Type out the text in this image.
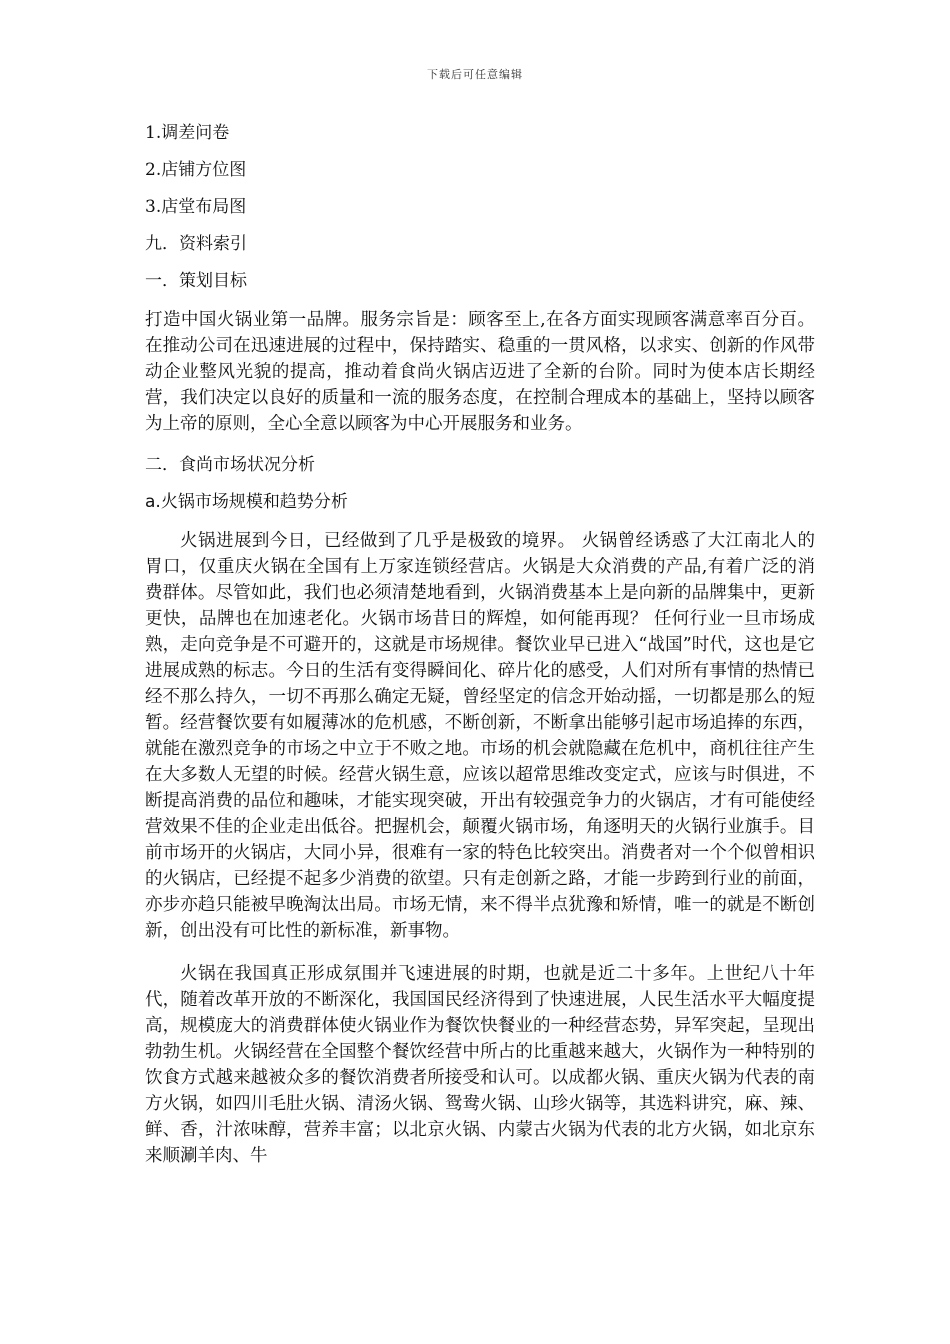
下载后可任意编辑
1.调差问卷
2.店铺方位图
3.店堂布局图
九．资料索引
一．策划目标

打造中国火锅业第一品牌。服务宗旨是：顾客至上,在各方面实现顾客满意率百分百。在推动公司在迅速进展的过程中，保持踏实、稳重的一贯风格，以求实、创新的作风带动企业整风光貌的提高，推动着食尚火锅店迈进了全新的台阶。同时为使本店长期经营，我们决定以良好的质量和一流的服务态度，在控制合理成本的基础上，坚持以顾客为上帝的原则，全心全意以顾客为中心开展服务和业务。

二．食尚市场状况分析
a.火锅市场规模和趋势分析

火锅进展到今日，已经做到了几乎是极致的境界。 火锅曾经诱惑了大江南北人的胃口，仅重庆火锅在全国有上万家连锁经营店。火锅是大众消费的产品,有着广泛的消费群体。尽管如此，我们也必须清楚地看到，火锅消费基本上是向新的品牌集中，更新更快，品牌也在加速老化。火锅市场昔日的辉煌，如何能再现？ 任何行业一旦市场成熟，走向竞争是不可避开的，这就是市场规律。餐饮业早已进入“战国”时代，这也是它进展成熟的标志。今日的生活有变得瞬间化、碎片化的感受，人们对所有事情的热情已经不那么持久，一切不再那么确定无疑，曾经坚定的信念开始动摇，一切都是那么的短暂。经营餐饮要有如履薄冰的危机感，不断创新，不断拿出能够引起市场追捧的东西，就能在激烈竞争的市场之中立于不败之地。市场的机会就隐藏在危机中，商机往往产生在大多数人无望的时候。经营火锅生意，应该以超常思维改变定式，应该与时俱进，不断提高消费的品位和趣味，才能实现突破，开出有较强竞争力的火锅店，才有可能使经营效果不佳的企业走出低谷。把握机会，颠覆火锅市场，角逐明天的火锅行业旗手。目前市场开的火锅店，大同小异，很难有一家的特色比较突出。消费者对一个个似曾相识的火锅店，已经提不起多少消费的欲望。只有走创新之路，才能一步跨到行业的前面，亦步亦趋只能被早晚淘汰出局。市场无情，来不得半点犹豫和矫情，唯一的就是不断创新，创出没有可比性的新标准，新事物。

火锅在我国真正形成氛围并飞速进展的时期，也就是近二十多年。上世纪八十年代，随着改革开放的不断深化，我国国民经济得到了快速进展，人民生活水平大幅度提高，规模庞大的消费群体使火锅业作为餐饮快餐业的一种经营态势，异军突起，呈现出勃勃生机。火锅经营在全国整个餐饮经营中所占的比重越来越大，火锅作为一种特别的饮食方式越来越被众多的餐饮消费者所接受和认可。以成都火锅、重庆火锅为代表的南方火锅，如四川毛肚火锅、清汤火锅、鸳鸯火锅、山珍火锅等，其选料讲究，麻、辣、鲜、香，汁浓味醇，营养丰富；以北京火锅、内蒙古火锅为代表的北方火锅，如北京东来顺涮羊肉、牛
